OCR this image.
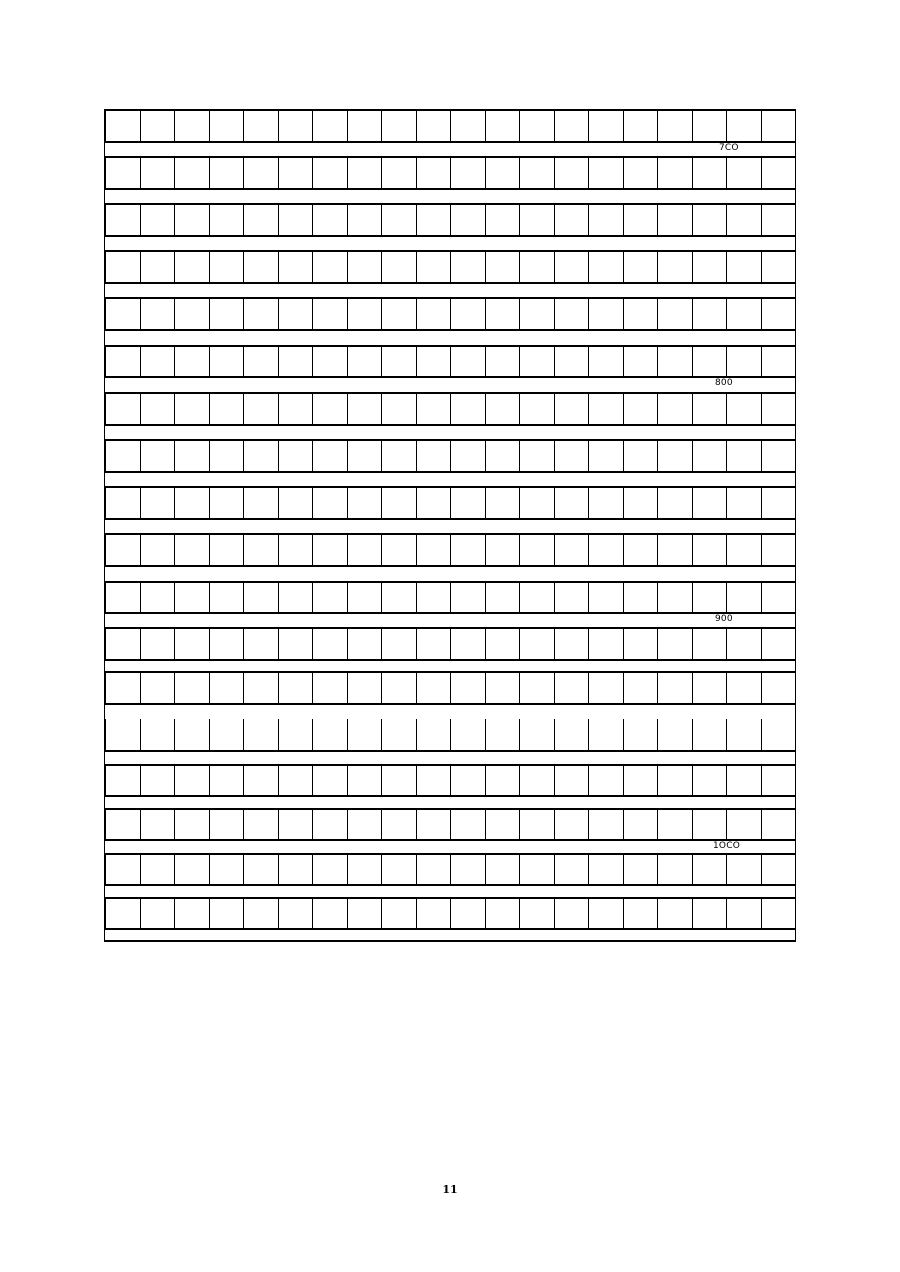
7CO
800
900
1OCO
11
